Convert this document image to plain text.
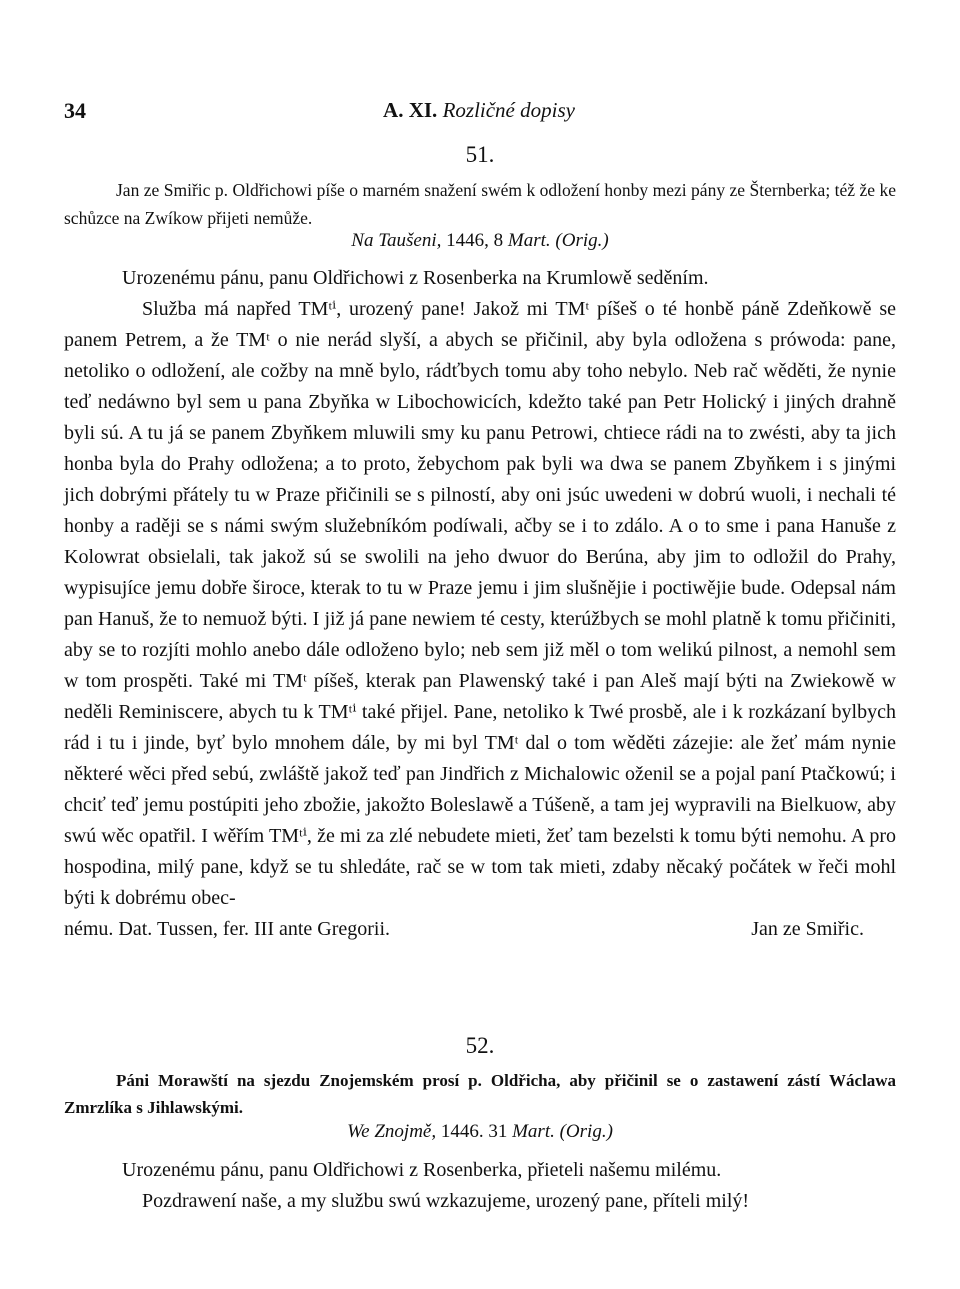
34	A. XI. Rozličné dopisy
51.
Jan ze Smiřic p. Oldřichowi píše o marném snažení swém k odložení honby mezi pány ze Šternberka; též že ke schůzce na Zwíkow přijeti nemůže.
Na Taušeni, 1446, 8 Mart. (Orig.)
Urozenému pánu, panu Oldřichowi z Rosenberka na Krumlowě seděním.
Služba má napřed TMᵗⁱ, urozený pane! Jakož mi TMᵗ píšeš o té honbě páně Zdeňkowě se panem Petrem, a že TMᵗ o nie nerád slyší, a abych se přičinil, aby byla odložena s prówoda: pane, netoliko o odložení, ale cožby na mně bylo, rádťbych tomu aby toho nebylo. Neb rač wěděti, že nynie teď nedáwno byl sem u pana Zbyňka w Libochowicích, kdežto také pan Petr Holický i jiných drahně byli sú. A tu já se panem Zbyňkem mluwili smy ku panu Petrowi, chtiece rádi na to zwésti, aby ta jich honba byla do Prahy odložena; a to proto, žebychom pak byli wa dwa se panem Zbyňkem i s jinými jich dobrými přátely tu w Praze přičinili se s pilností, aby oni jsúc uwedeni w dobrú wuoli, i nechali té honby a raději se s námi swým služebníkóm podíwali, ačby se i to zdálo. A o to sme i pana Hanuše z Kolowrat obsielali, tak jakož sú se swolili na jeho dwuor do Berúna, aby jim to odložil do Prahy, wypisujíce jemu dobře široce, kterak to tu w Praze jemu i jim slušnějie i poctiwějie bude. Odepsal nám pan Hanuš, že to nemuož býti. I již já pane newiem té cesty, kterúžbych se mohl platně k tomu přičiniti, aby se to rozjíti mohlo anebo dále odloženo bylo; neb sem již měl o tom welikú pilnost, a nemohl sem w tom prospěti. Také mi TMᵗ píšeš, kterak pan Plawenský také i pan Aleš mají býti na Zwiekowě w neděli Reminiscere, abych tu k TMᵗⁱ také přijel. Pane, netoliko k Twé prosbě, ale i k rozkázaní bylbych rád i tu i jinde, byť bylo mnohem dále, by mi byl TMᵗ dal o tom wěděti zázejie: ale žeť mám nynie některé wěci před sebú, zwláště jakož teď pan Jindřich z Michalowic oženil se a pojal paní Ptačkowú; i chciť teď jemu postúpiti jeho zbožie, jakožto Boleslawě a Túšeně, a tam jej wypravili na Bielkuow, aby swú wěc opatřil. I wěřím TMᵗⁱ, že mi za zlé nebudete mieti, žeť tam bezelsti k tomu býti nemohu. A pro hospodina, milý pane, když se tu shledáte, rač se w tom tak mieti, zdaby něcaký počátek w řeči mohl býti k dobrému obec-
nému. Dat. Tussen, fer. III ante Gregorii.	Jan ze Smiřic.
52.
Páni Morawští na sjezdu Znojemském prosí p. Oldřicha, aby přičinil se o zastawení zástí Wáclawa Zmrzlíka s Jihlawskými.
We Znojmě, 1446. 31 Mart. (Orig.)
Urozenému pánu, panu Oldřichowi z Rosenberka, přieteli našemu milému.
Pozdrawení naše, a my službu swú wzkazujeme, urozený pane, příteli milý!
